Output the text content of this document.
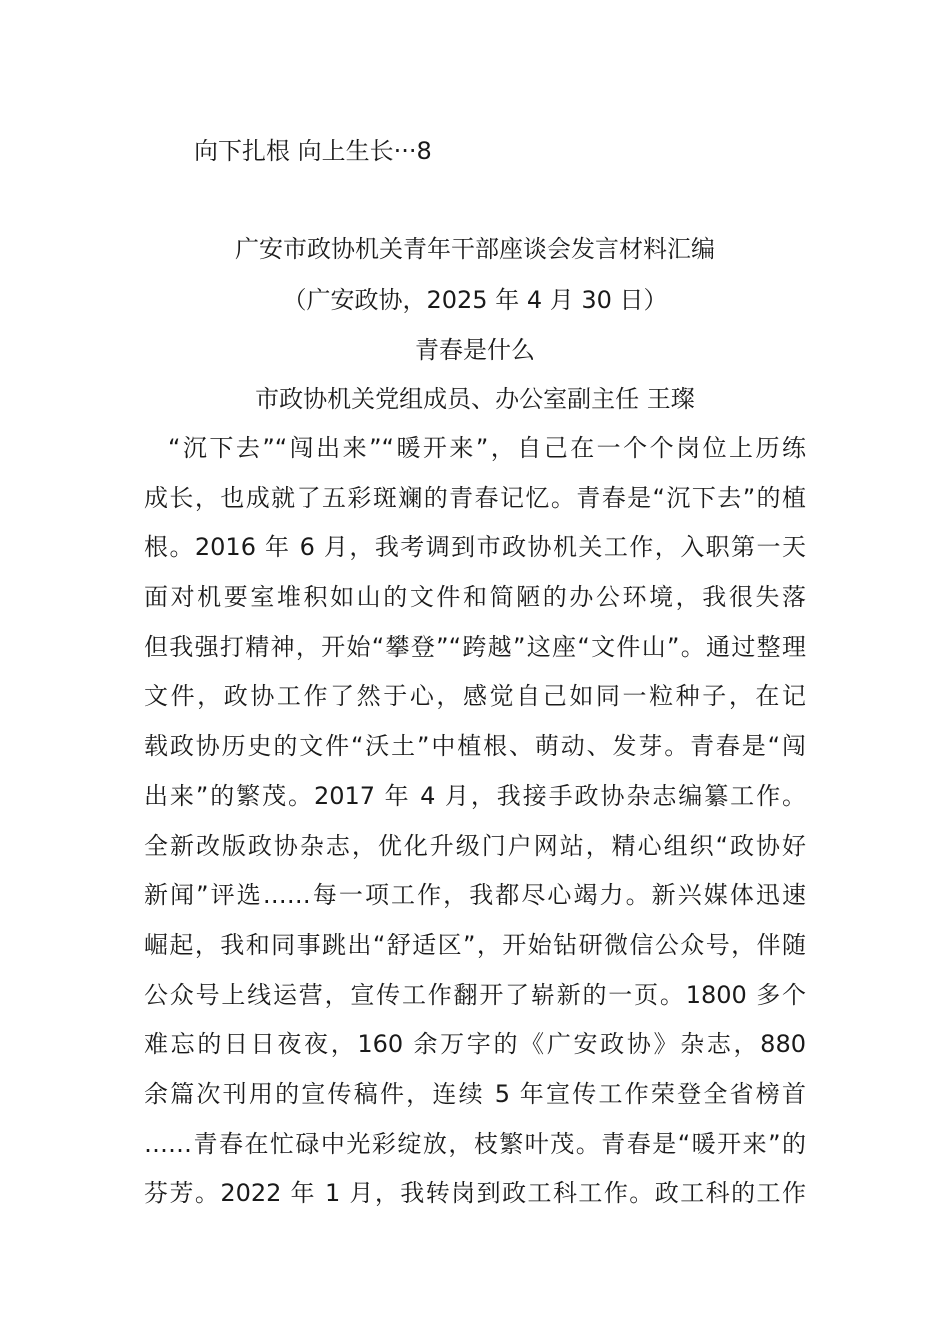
向下扎根 向上生长···8
广安市政协机关青年干部座谈会发言材料汇编
（广安政协，2025 年 4 月 30 日）
青春是什么
市政协机关党组成员、办公室副主任 王璨
“沉下去”“闯出来”“暖开来”，自己在一个个岗位上历练
成长，也成就了五彩斑斓的青春记忆。青春是“沉下去”的植
根。2016 年 6 月，我考调到市政协机关工作，入职第一天
面对机要室堆积如山的文件和简陋的办公环境，我很失落
但我强打精神，开始“攀登”“跨越”这座“文件山”。通过整理
文件，政协工作了然于心，感觉自己如同一粒种子，在记
载政协历史的文件“沃土”中植根、萌动、发芽。青春是“闯
出来”的繁茂。2017 年 4 月，我接手政协杂志编纂工作。
全新改版政协杂志，优化升级门户网站，精心组织“政协好
新闻”评选……每一项工作，我都尽心竭力。新兴媒体迅速
崛起，我和同事跳出“舒适区”，开始钻研微信公众号，伴随
公众号上线运营，宣传工作翻开了崭新的一页。1800 多个
难忘的日日夜夜，160 余万字的《广安政协》杂志，880
余篇次刊用的宣传稿件，连续 5 年宣传工作荣登全省榜首
……青春在忙碌中光彩绽放，枝繁叶茂。青春是“暖开来”的
芬芳。2022 年 1 月，我转岗到政工科工作。政工科的工作
